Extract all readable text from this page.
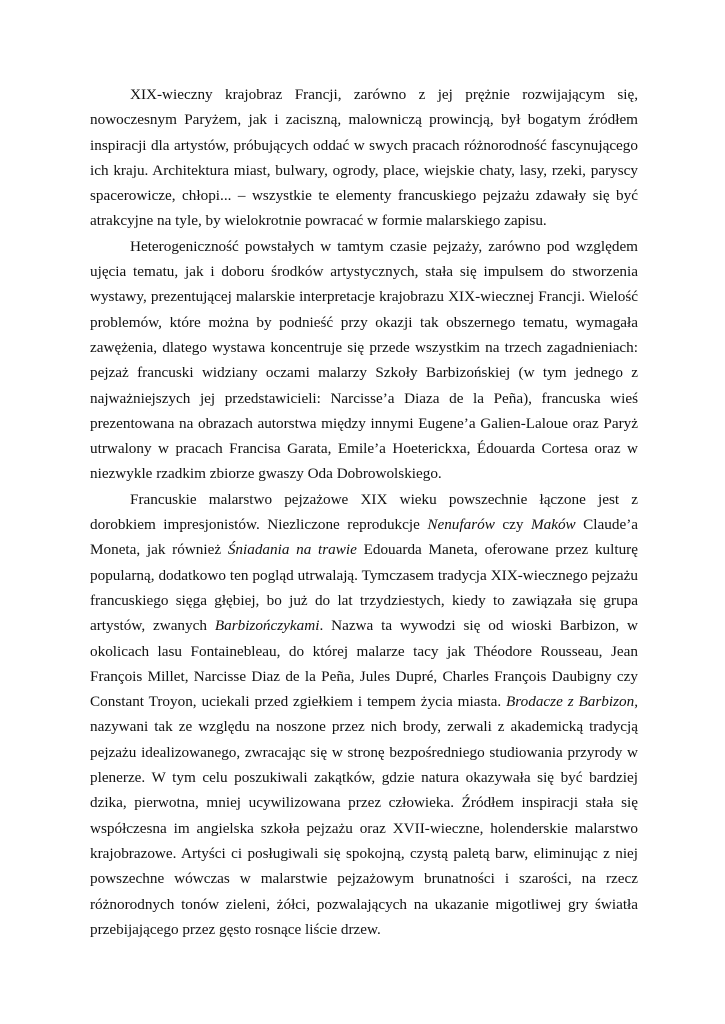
XIX-wieczny krajobraz Francji, zarówno z jej prężnie rozwijającym się, nowoczesnym Paryżem, jak i zaciszną, malowniczą prowincją, był bogatym źródłem inspiracji dla artystów, próbujących oddać w swych pracach różnorodność fascynującego ich kraju. Architektura miast, bulwary, ogrody, place, wiejskie chaty, lasy, rzeki, paryscy spacerowicze, chłopi... – wszystkie te elementy francuskiego pejzażu zdawały się być atrakcyjne na tyle, by wielokrotnie powracać w formie malarskiego zapisu.

Heterogeniczność powstałych w tamtym czasie pejzaży, zarówno pod względem ujęcia tematu, jak i doboru środków artystycznych, stała się impulsem do stworzenia wystawy, prezentującej malarskie interpretacje krajobrazu XIX-wiecznej Francji. Wielość problemów, które można by podnieść przy okazji tak obszernego tematu, wymagała zawężenia, dlatego wystawa koncentruje się przede wszystkim na trzech zagadnieniach: pejzaż francuski widziany oczami malarzy Szkoły Barbizońskiej (w tym jednego z najważniejszych jej przedstawicieli: Narcisse’a Diaza de la Peña), francuska wieś prezentowana na obrazach autorstwa między innymi Eugene’a Galien-Laloue oraz Paryż utrwalony w pracach Francisa Garata, Emile’a Hoeterickxa, Édouarda Cortesa oraz w niezwykle rzadkim zbiorze gwaszy Oda Dobrowolskiego.

Francuskie malarstwo pejzażowe XIX wieku powszechnie łączone jest z dorobkiem impresjonistów. Niezliczone reprodukcje Nenufarów czy Maków Claude’a Moneta, jak również Śniadania na trawie Edouarda Maneta, oferowane przez kulturę popularną, dodatkowo ten pogląd utrwalają. Tymczasem tradycja XIX-wiecznego pejzażu francuskiego sięga głębiej, bo już do lat trzydziestych, kiedy to zawiązała się grupa artystów, zwanych Barbizończykami. Nazwa ta wywodzi się od wioski Barbizon, w okolicach lasu Fontainebleau, do której malarze tacy jak Théodore Rousseau, Jean François Millet, Narcisse Diaz de la Peña, Jules Dupré, Charles François Daubigny czy Constant Troyon, uciekali przed zgiełkiem i tempem życia miasta. Brodacze z Barbizon, nazywani tak ze względu na noszone przez nich brody, zerwali z akademicką tradycją pejzażu idealizowanego, zwracając się w stronę bezpośredniego studiowania przyrody w plenerze. W tym celu poszukiwali zakątków, gdzie natura okazywała się być bardziej dzika, pierwotna, mniej ucywilizowana przez człowieka. Źródłem inspiracji stała się współczesna im angielska szkoła pejzażu oraz XVII-wieczne, holenderskie malarstwo krajobrazowe. Artyści ci posługiwali się spokojną, czystą paletą barw, eliminując z niej powszechne wówczas w malarstwie pejzażowym brunatności i szarości, na rzecz różnorodnych tonów zieleni, żółci, pozwalających na ukazanie migotliwej gry światła przebijającego przez gęsto rosnące liście drzew.
